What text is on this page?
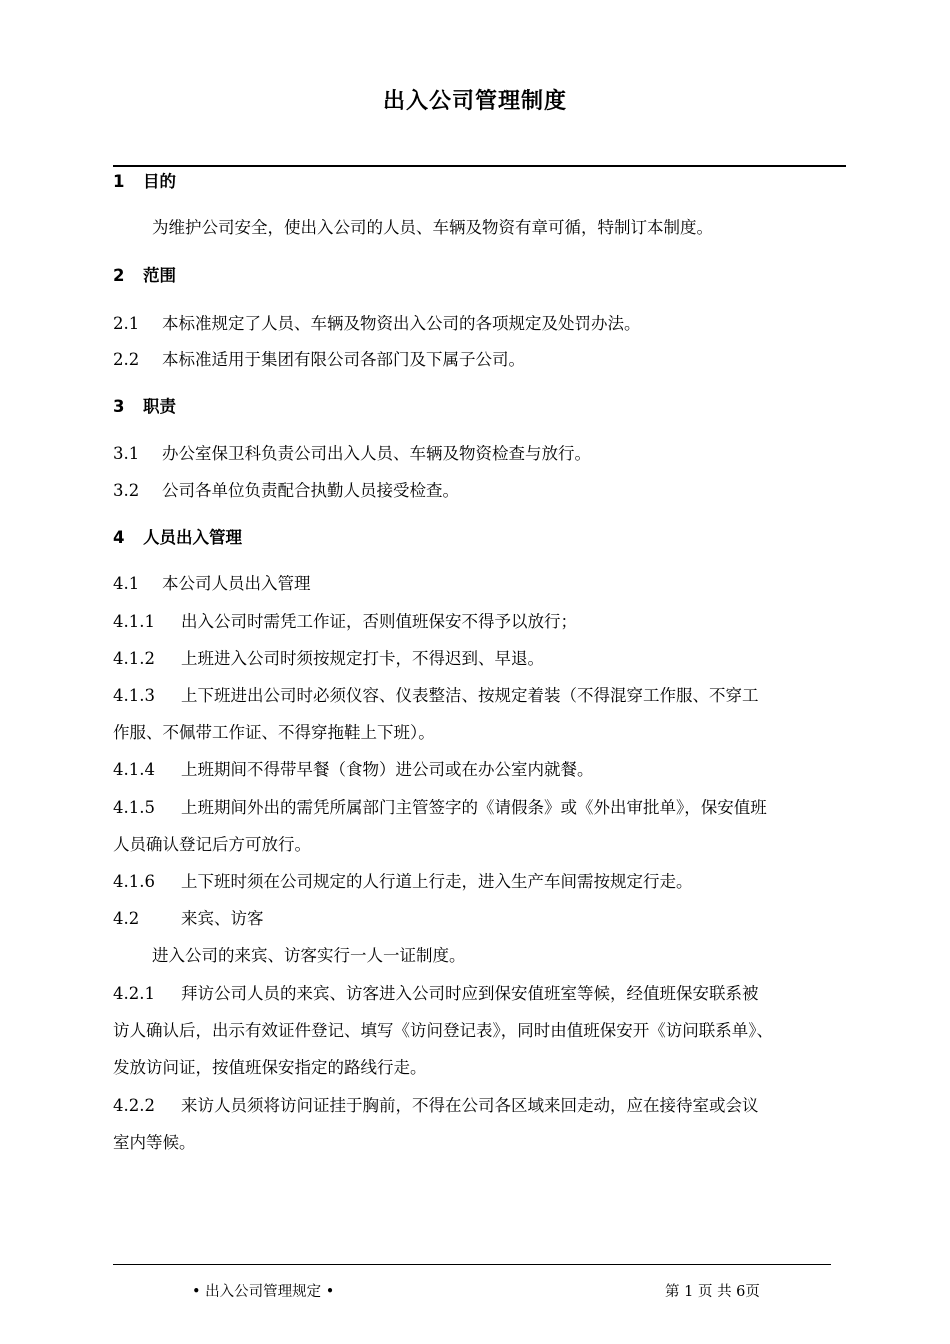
出入公司管理制度
1 目的
为维护公司安全，使出入公司的人员、车辆及物资有章可循，特制订本制度。
2 范围
2.1 本标准规定了人员、车辆及物资出入公司的各项规定及处罚办法。
2.2 本标准适用于集团有限公司各部门及下属子公司。
3 职责
3.1 办公室保卫科负责公司出入人员、车辆及物资检查与放行。
3.2 公司各单位负责配合执勤人员接受检查。
4 人员出入管理
4.1 本公司人员出入管理
4.1.1 出入公司时需凭工作证，否则值班保安不得予以放行；
4.1.2 上班进入公司时须按规定打卡，不得迟到、早退。
4.1.3 上下班进出公司时必须仪容、仪表整洁、按规定着装（不得混穿工作服、不穿工
作服、不佩带工作证、不得穿拖鞋上下班）。
4.1.4 上班期间不得带早餐（食物）进公司或在办公室内就餐。
4.1.5 上班期间外出的需凭所属部门主管签字的《请假条》或《外出审批单》，保安值班
人员确认登记后方可放行。
4.1.6 上下班时须在公司规定的人行道上行走，进入生产车间需按规定行走。
4.2	来宾、访客
进入公司的来宾、访客实行一人一证制度。
4.2.1 拜访公司人员的来宾、访客进入公司时应到保安值班室等候，经值班保安联系被
访人确认后，出示有效证件登记、填写《访问登记表》，同时由值班保安开《访问联系单》、
发放访问证，按值班保安指定的路线行走。
4.2.2 来访人员须将访问证挂于胸前，不得在公司各区域来回走动，应在接待室或会议
室内等候。
• 出入公司管理规定 •	第 1 页 共 6页
